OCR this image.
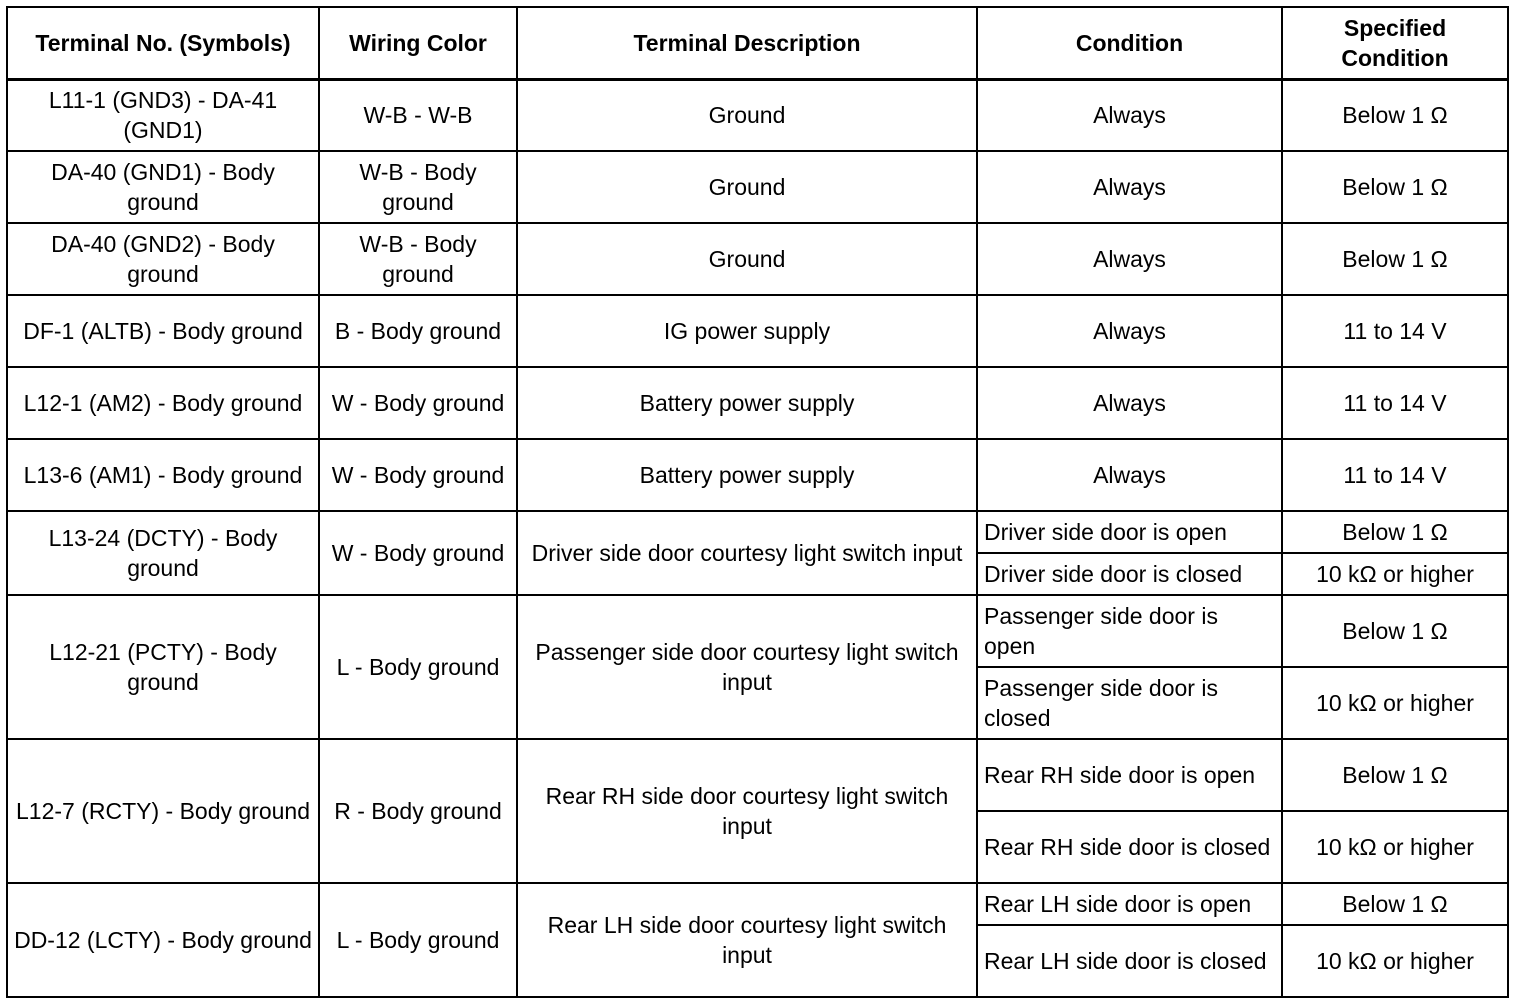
Terminal No. (Symbols)	Wiring Color	Terminal Description	Condition	Specified Condition
L11-1 (GND3) - DA-41 (GND1)	W-B - W-B	Ground	Always	Below 1 Ω
DA-40 (GND1) - Body ground	W-B - Body ground	Ground	Always	Below 1 Ω
DA-40 (GND2) - Body ground	W-B - Body ground	Ground	Always	Below 1 Ω
DF-1 (ALTB) - Body ground	B - Body ground	IG power supply	Always	11 to 14 V
L12-1 (AM2) - Body ground	W - Body ground	Battery power supply	Always	11 to 14 V
L13-6 (AM1) - Body ground	W - Body ground	Battery power supply	Always	11 to 14 V
L13-24 (DCTY) - Body ground	W - Body ground	Driver side door courtesy light switch input	Driver side door is open	Below 1 Ω
			Driver side door is closed	10 kΩ or higher
L12-21 (PCTY) - Body ground	L - Body ground	Passenger side door courtesy light switch input	Passenger side door is open	Below 1 Ω
			Passenger side door is closed	10 kΩ or higher
L12-7 (RCTY) - Body ground	R - Body ground	Rear RH side door courtesy light switch input	Rear RH side door is open	Below 1 Ω
			Rear RH side door is closed	10 kΩ or higher
DD-12 (LCTY) - Body ground	L - Body ground	Rear LH side door courtesy light switch input	Rear LH side door is open	Below 1 Ω
			Rear LH side door is closed	10 kΩ or higher
